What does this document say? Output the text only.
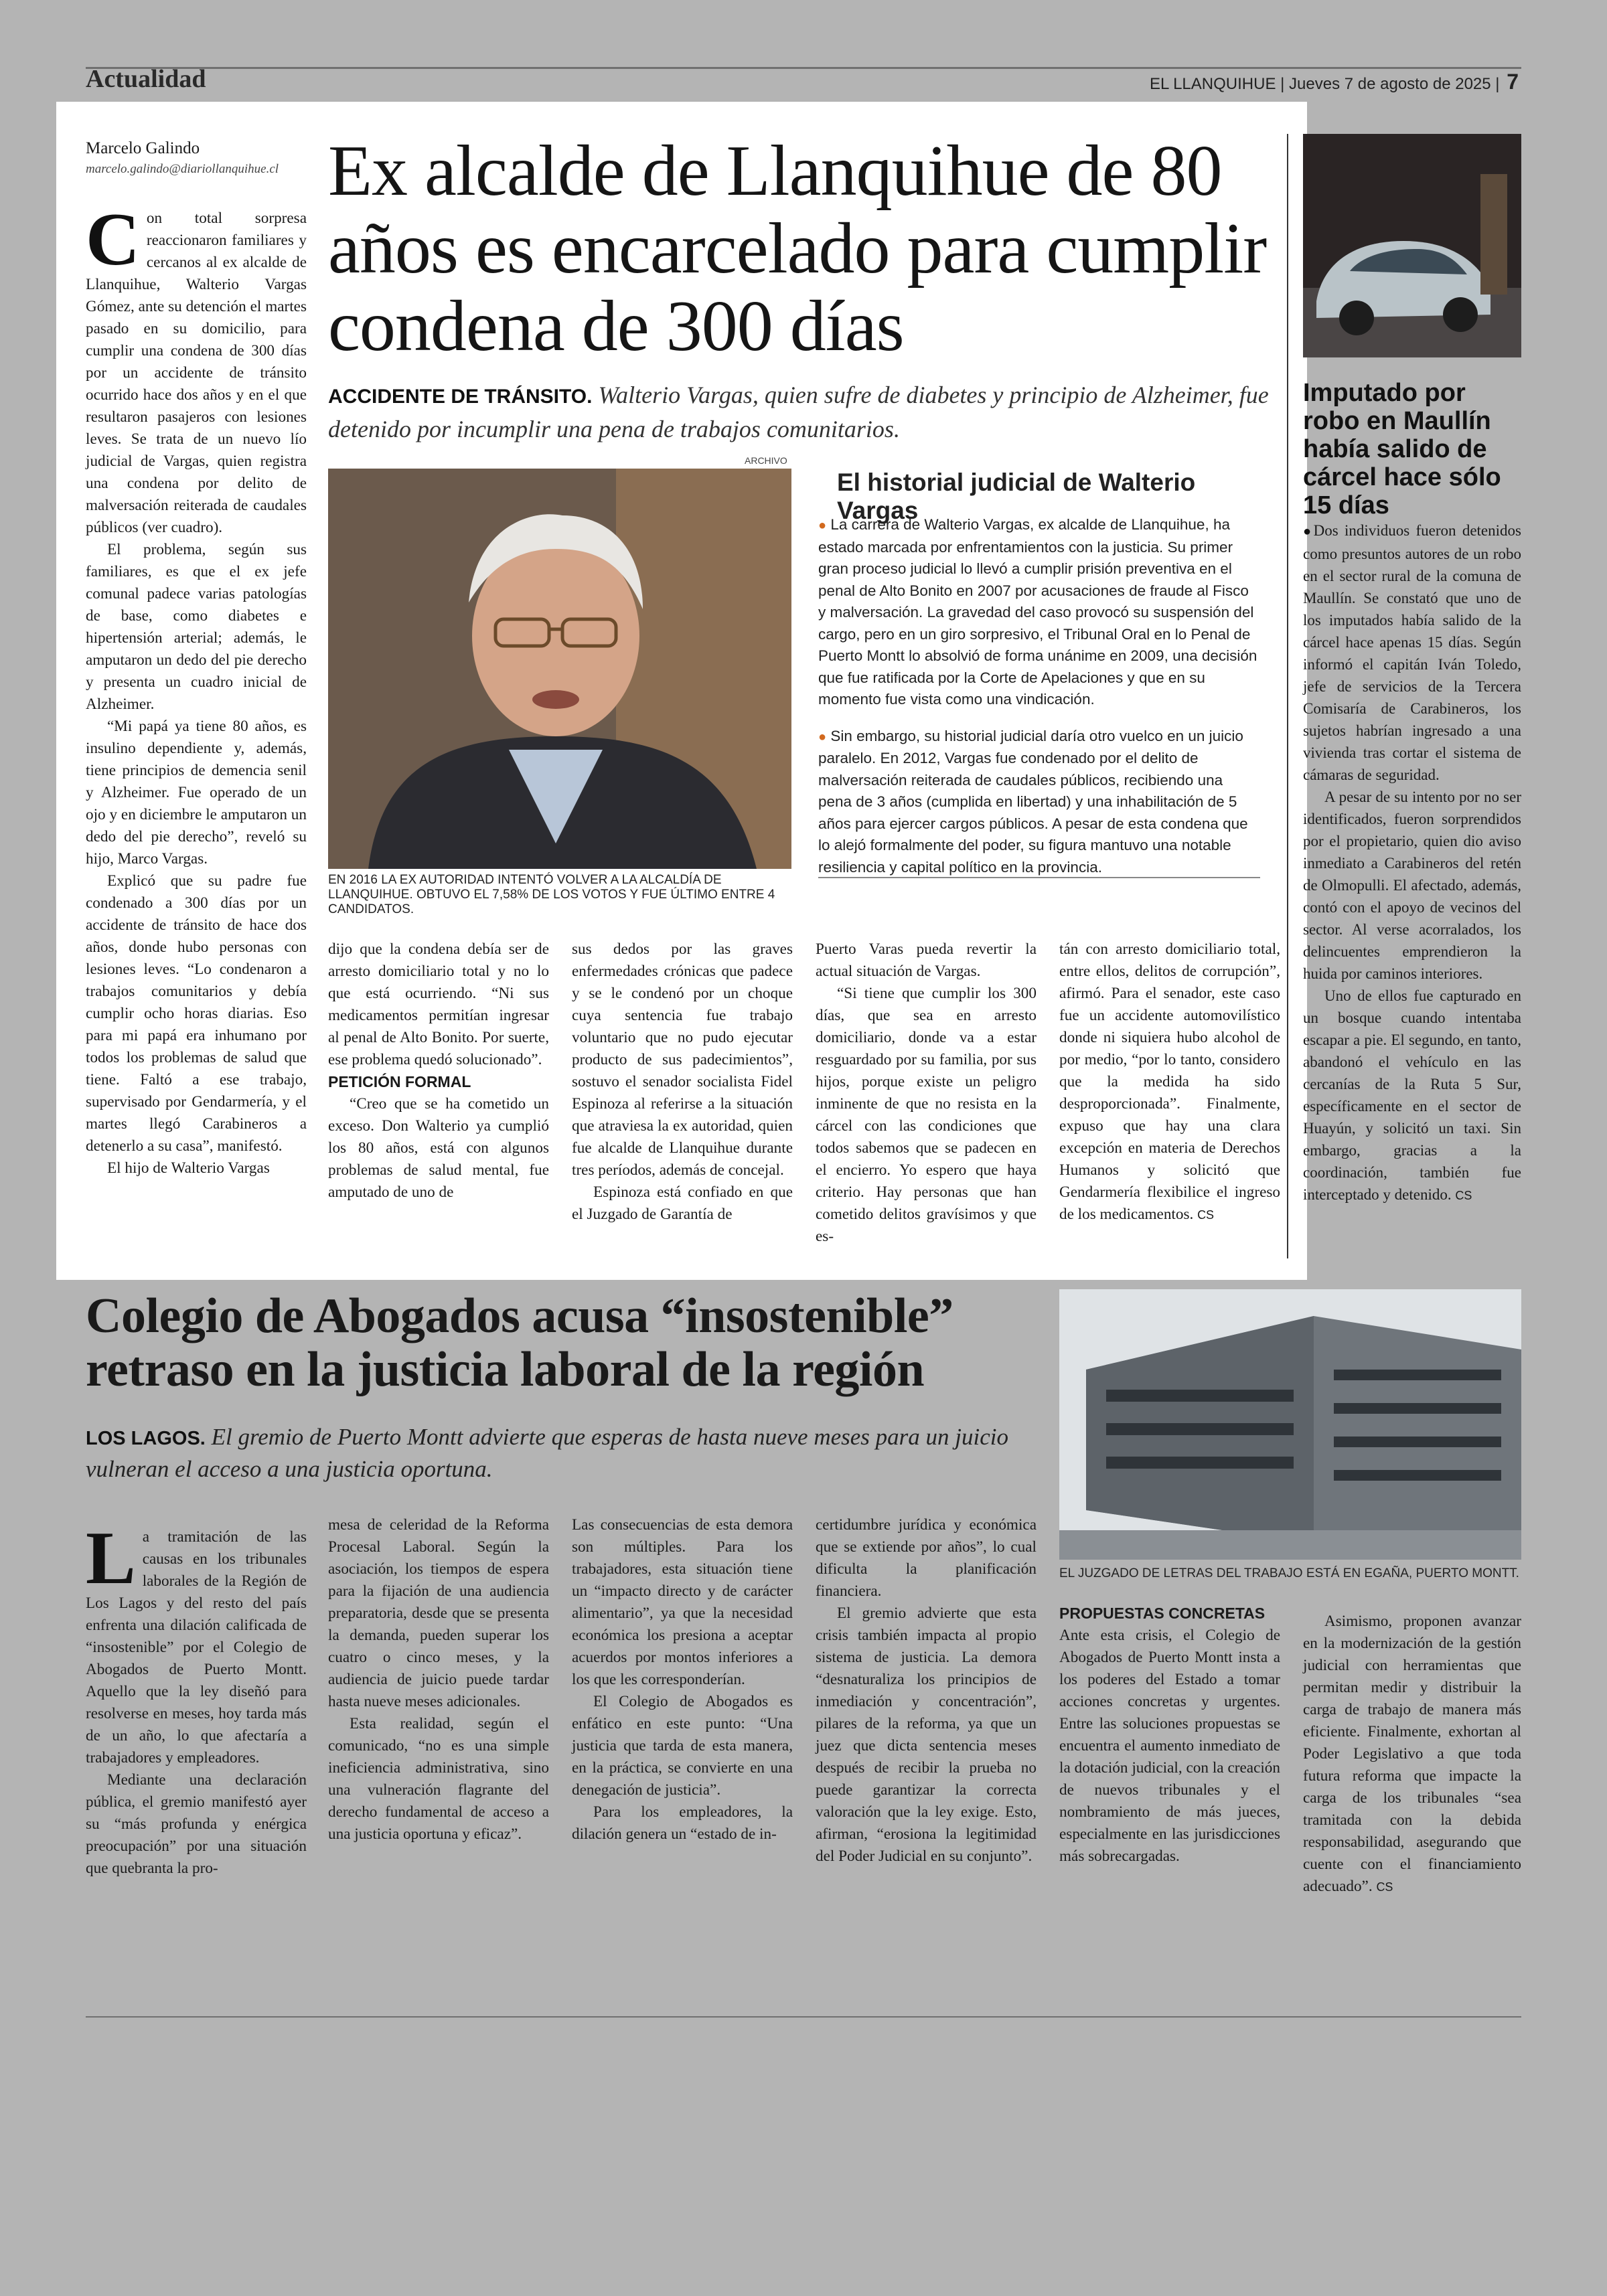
Actualidad	EL LLANQUIHUE | Jueves 7 de agosto de 2025 | 7
Marcelo Galindo
marcelo.galindo@diariollanquihue.cl Ex alcalde de Llanquihue de 80 años es encarcelado para cumplir condena de 300 días
ACCIDENTE DE TRÁNSITO. Walterio Vargas, quien sufre de diabetes y principio de Alzheimer, fue detenido por incumplir una pena de trabajos comunitarios.

Con total sorpresa reaccionaron familiares y cercanos al ex alcalde de Llanquihue, Walterio Vargas Gómez, ante su detención el martes pasado en su domicilio, para cumplir una condena de 300 días por un accidente de tránsito ocurrido hace dos años y en el que resultaron pasajeros con lesiones leves. Se trata de un nuevo lío judicial de Vargas, quien registra una condena por delito de malversación reiterada de caudales públicos (ver cuadro).

El problema, según sus familiares, es que el ex jefe comunal padece varias patologías de base, como diabetes e hipertensión arterial; además, le amputaron un dedo del pie derecho y presenta un cuadro inicial de Alzheimer.

“Mi papá ya tiene 80 años, es insulino dependiente y, además, tiene principios de demencia senil y Alzheimer. Fue operado de un ojo y en diciembre le amputaron un dedo del pie derecho”, reveló su hijo, Marco Vargas.

Explicó que su padre fue condenado a 300 días por un accidente de tránsito de hace dos años, donde hubo personas con lesiones leves. “Lo condenaron a trabajos comunitarios y debía cumplir ocho horas diarias. Eso para mi papá era inhumano por todos los problemas de salud que tiene. Faltó a ese trabajo, supervisado por Gendarmería, y el martes llegó Carabineros a detenerlo a su casa”, manifestó.

El hijo de Walterio Vargas

ARCHIVO
EN 2016 LA EX AUTORIDAD INTENTÓ VOLVER A LA ALCALDÍA DE LLANQUIHUE. OBTUVO EL 7,58% DE LOS VOTOS Y FUE ÚLTIMO ENTRE 4 CANDIDATOS.
El historial judicial de Walterio Vargas

● La carrera de Walterio Vargas, ex alcalde de Llanquihue, ha estado marcada por enfrentamientos con la justicia. Su primer gran proceso judicial lo llevó a cumplir prisión preventiva en el penal de Alto Bonito en 2007 por acusaciones de fraude al Fisco y malversación. La gravedad del caso provocó su suspensión del cargo, pero en un giro sorpresivo, el Tribunal Oral en lo Penal de Puerto Montt lo absolvió de forma unánime en 2009, una decisión que fue ratificada por la Corte de Apelaciones y que en su momento fue vista como una vindicación.

● Sin embargo, su historial judicial daría otro vuelco en un juicio paralelo. En 2012, Vargas fue condenado por el delito de malversación reiterada de caudales públicos, recibiendo una pena de 3 años (cumplida en libertad) y una inhabilitación de 5 años para ejercer cargos públicos. A pesar de esta condena que lo alejó formalmente del poder, su figura mantuvo una notable resiliencia y capital político en la provincia.

dijo que la condena debía ser de arresto domiciliario total y no lo que está ocurriendo. “Ni sus medicamentos permitían ingresar al penal de Alto Bonito. Por suerte, ese problema quedó solucionado”.

PETICIÓN FORMAL

“Creo que se ha cometido un exceso. Don Walterio ya cumplió los 80 años, está con algunos problemas de salud mental, fue amputado de uno de

sus dedos por las graves enfermedades crónicas que padece y se le condenó por un choque cuya sentencia fue trabajo voluntario que no pudo ejecutar producto de sus padecimientos”, sostuvo el senador socialista Fidel Espinoza al referirse a la situación que atraviesa la ex autoridad, quien fue alcalde de Llanquihue durante tres períodos, además de concejal.

Espinoza está confiado en que el Juzgado de Garantía de

Puerto Varas pueda revertir la actual situación de Vargas.

“Si tiene que cumplir los 300 días, que sea en arresto domiciliario, donde va a estar resguardado por su familia, por sus hijos, porque existe un peligro inminente de que no resista en la cárcel con las condiciones que todos sabemos que se padecen en el encierro. Yo espero que haya criterio. Hay personas que han cometido delitos gravísimos y que es-

tán con arresto domiciliario total, entre ellos, delitos de corrupción”, afirmó. Para el senador, este caso fue un accidente automovilístico donde ni siquiera hubo alcohol de por medio, “por lo tanto, considero que la medida ha sido desproporcionada”. Finalmente, expuso que hay una clara excepción en materia de Derechos Humanos y solicitó que Gendarmería flexibilice el ingreso de los medicamentos. CS

Imputado por robo en Maullín había salido de cárcel hace sólo 15 días

●Dos individuos fueron detenidos como presuntos autores de un robo en el sector rural de la comuna de Maullín. Se constató que uno de los imputados había salido de la cárcel hace apenas 15 días. Según informó el capitán Iván Toledo, jefe de servicios de la Tercera Comisaría de Carabineros, los sujetos habrían ingresado a una vivienda tras cortar el sistema de cámaras de seguridad.

A pesar de su intento por no ser identificados, fueron sorprendidos por el propietario, quien dio aviso inmediato a Carabineros del retén de Olmopulli. El afectado, además, contó con el apoyo de vecinos del sector. Al verse acorralados, los delincuentes emprendieron la huida por caminos interiores.

Uno de ellos fue capturado en un bosque cuando intentaba escapar a pie. El segundo, en tanto, abandonó el vehículo en las cercanías de la Ruta 5 Sur, específicamente en el sector de Huayún, y solicitó un taxi. Sin embargo, gracias a la coordinación, también fue interceptado y detenido. CS

Colegio de Abogados acusa “insostenible” retraso en la justicia laboral de la región
LOS LAGOS. El gremio de Puerto Montt advierte que esperas de hasta nueve meses para un juicio vulneran el acceso a una justicia oportuna.
EL JUZGADO DE LETRAS DEL TRABAJO ESTÁ EN EGAÑA, PUERTO MONTT.

La tramitación de las causas en los tribunales laborales de la Región de Los Lagos y del resto del país enfrenta una dilación calificada de “insostenible” por el Colegio de Abogados de Puerto Montt. Aquello que la ley diseñó para resolverse en meses, hoy tarda más de un año, lo que afectaría a trabajadores y empleadores.

Mediante una declaración pública, el gremio manifestó ayer su “más profunda y enérgica preocupación” por una situación que quebranta la pro-

mesa de celeridad de la Reforma Procesal Laboral. Según la asociación, los tiempos de espera para la fijación de una audiencia preparatoria, desde que se presenta la demanda, pueden superar los cuatro o cinco meses, y la audiencia de juicio puede tardar hasta nueve meses adicionales.

Esta realidad, según el comunicado, “no es una simple ineficiencia administrativa, sino una vulneración flagrante del derecho fundamental de acceso a una justicia oportuna y eficaz”.

Las consecuencias de esta demora son múltiples. Para los trabajadores, esta situación tiene un “impacto directo y de carácter alimentario”, ya que la necesidad económica los presiona a aceptar acuerdos por montos inferiores a los que les corresponderían.

El Colegio de Abogados es enfático en este punto: “Una justicia que tarda de esta manera, en la práctica, se convierte en una denegación de justicia”.

Para los empleadores, la dilación genera un “estado de in-

certidumbre jurídica y económica que se extiende por años”, lo cual dificulta la planificación financiera.

El gremio advierte que esta crisis también impacta al propio sistema de justicia. La demora “desnaturaliza los principios de inmediación y concentración”, pilares de la reforma, ya que un juez que dicta sentencia meses después de recibir la prueba no puede garantizar la correcta valoración que la ley exige. Esto, afirman, “erosiona la legitimidad del Poder Judicial en su conjunto”.

PROPUESTAS CONCRETAS

Ante esta crisis, el Colegio de Abogados de Puerto Montt insta a los poderes del Estado a tomar acciones concretas y urgentes. Entre las soluciones propuestas se encuentra el aumento inmediato de la dotación judicial, con la creación de nuevos tribunales y el nombramiento de más jueces, especialmente en las jurisdicciones más sobrecargadas.

Asimismo, proponen avanzar en la modernización de la gestión judicial con herramientas que permitan medir y distribuir la carga de trabajo de manera más eficiente. Finalmente, exhortan al Poder Legislativo a que toda futura reforma que impacte la carga de los tribunales “sea tramitada con la debida responsabilidad, asegurando que cuente con el financiamiento adecuado”. CS
